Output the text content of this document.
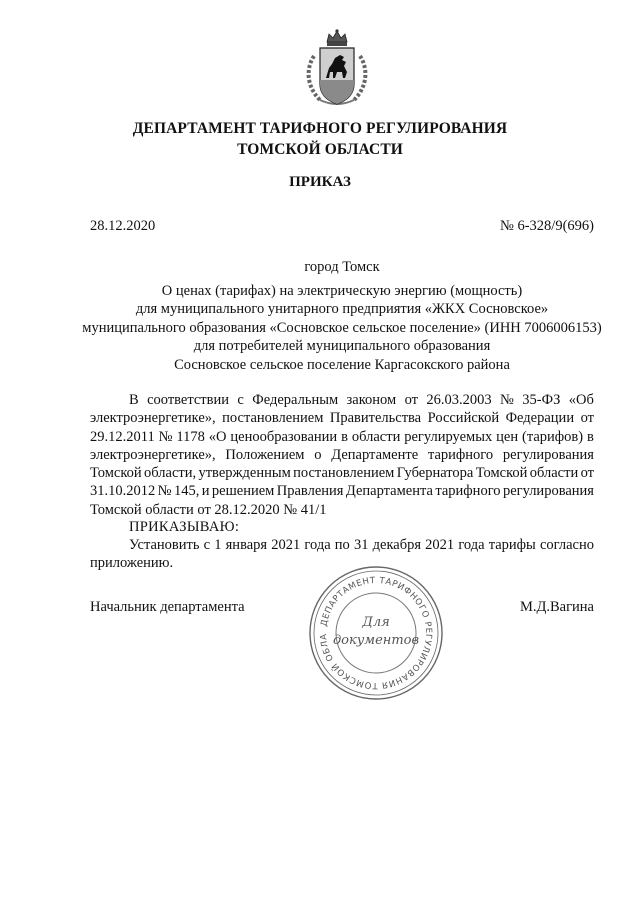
ДЕПАРТАМЕНТ ТАРИФНОГО РЕГУЛИРОВАНИЯ
ТОМСКОЙ ОБЛАСТИ
ПРИКАЗ
28.12.2020	№ 6-328/9(696)
город Томск
О ценах (тарифах) на электрическую энергию (мощность)
для муниципального унитарного предприятия «ЖКХ Сосновское»
муниципального образования «Сосновское сельское поселение» (ИНН 7006006153)
для потребителей муниципального образования
Сосновское сельское поселение Каргасокского района
В соответствии с Федеральным законом от 26.03.2003 № 35-ФЗ «Об
электроэнергетике», постановлением Правительства Российской Федерации от
29.12.2011 № 1178 «О ценообразовании в области регулируемых цен (тарифов) в
электроэнергетике», Положением о Департаменте тарифного регулирования
Томской области, утвержденным постановлением Губернатора Томской области от
31.10.2012 № 145, и решением Правления Департамента тарифного регулирования
Томской области от 28.12.2020 № 41/1
ПРИКАЗЫВАЮ:
Установить с 1 января 2021 года по 31 декабря 2021 года тарифы согласно
приложению.
Начальник департамента	М.Д.Вагина
ДЕПАРТАМЕНТ ТАРИФНОГО РЕГУЛИРОВАНИЯ ТОМСКОЙ ОБЛА
Для
документов
